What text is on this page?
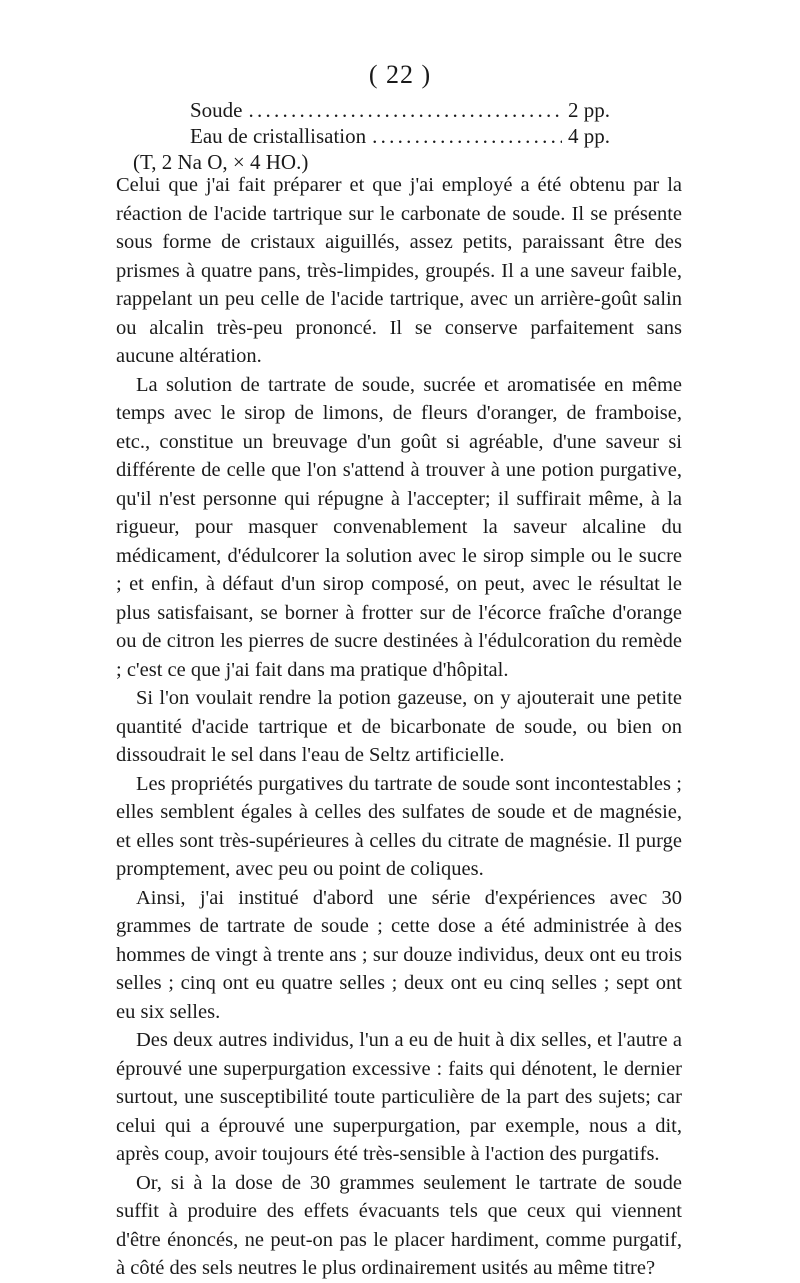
( 22 )
Soude . . .	2 pp.
Eau de cristallisation . . .	4 pp.
(T, 2 Na O, × 4 HO.)

Celui que j'ai fait préparer et que j'ai employé a été obtenu par la réaction de l'acide tartrique sur le carbonate de soude. Il se présente sous forme de cristaux aiguillés, assez petits, paraissant être des prismes à quatre pans, très-limpides, groupés. Il a une saveur faible, rappelant un peu celle de l'acide tartrique, avec un arrière-goût salin ou alcalin très-peu prononcé. Il se conserve parfaitement sans aucune altération.

La solution de tartrate de soude, sucrée et aromatisée en même temps avec le sirop de limons, de fleurs d'oranger, de framboise, etc., constitue un breuvage d'un goût si agréable, d'une saveur si différente de celle que l'on s'attend à trouver à une potion purgative, qu'il n'est personne qui répugne à l'accepter; il suffirait même, à la rigueur, pour masquer convenablement la saveur alcaline du médicament, d'édulcorer la solution avec le sirop simple ou le sucre ; et enfin, à défaut d'un sirop composé, on peut, avec le résultat le plus satisfaisant, se borner à frotter sur de l'écorce fraîche d'orange ou de citron les pierres de sucre destinées à l'édulcoration du remède ; c'est ce que j'ai fait dans ma pratique d'hôpital.

Si l'on voulait rendre la potion gazeuse, on y ajouterait une petite quantité d'acide tartrique et de bicarbonate de soude, ou bien on dissoudrait le sel dans l'eau de Seltz artificielle.

Les propriétés purgatives du tartrate de soude sont incontestables ; elles semblent égales à celles des sulfates de soude et de magnésie, et elles sont très-supérieures à celles du citrate de magnésie. Il purge promptement, avec peu ou point de coliques.

Ainsi, j'ai institué d'abord une série d'expériences avec 30 grammes de tartrate de soude ; cette dose a été administrée à des hommes de vingt à trente ans ; sur douze individus, deux ont eu trois selles ; cinq ont eu quatre selles ; deux ont eu cinq selles ; sept ont eu six selles.

Des deux autres individus, l'un a eu de huit à dix selles, et l'autre a éprouvé une superpurgation excessive : faits qui dénotent, le dernier surtout, une susceptibilité toute particulière de la part des sujets; car celui qui a éprouvé une superpurgation, par exemple, nous a dit, après coup, avoir toujours été très-sensible à l'action des purgatifs.

Or, si à la dose de 30 grammes seulement le tartrate de soude suffit à produire des effets évacuants tels que ceux qui viennent d'être énoncés, ne peut-on pas le placer hardiment, comme purgatif, à côté des sels neutres le plus ordinairement usités au même titre?
